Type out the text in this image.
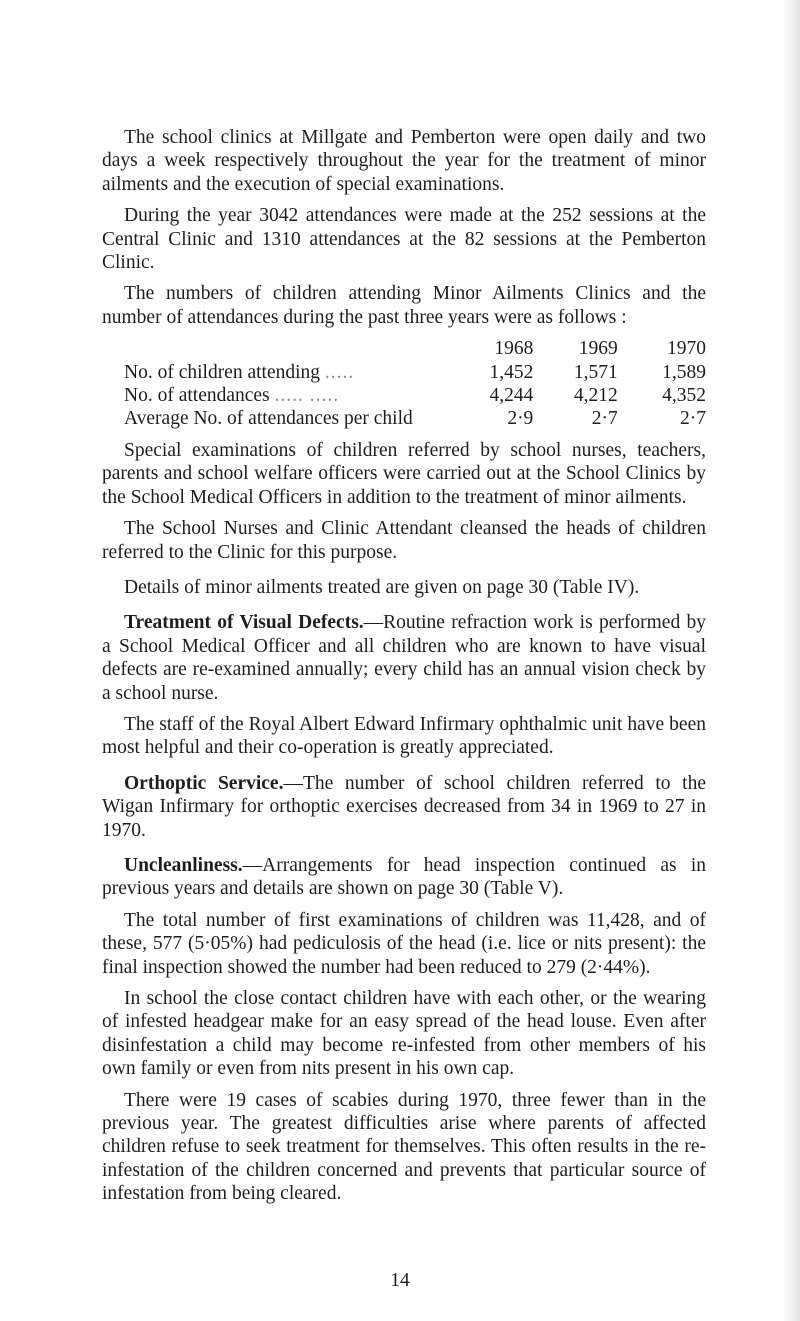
The school clinics at Millgate and Pemberton were open daily and two days a week respectively throughout the year for the treatment of minor ailments and the execution of special examinations.

During the year 3042 attendances were made at the 252 sessions at the Central Clinic and 1310 attendances at the 82 sessions at the Pemberton Clinic.

The numbers of children attending Minor Ailments Clinics and the number of attendances during the past three years were as follows :

	1968	1969	1970
No. of children attending .....	1,452	1,571	1,589
No. of attendances ..... .....	4,244	4,212	4,352
Average No. of attendances per child	2·9	2·7	2·7

Special examinations of children referred by school nurses, teachers, parents and school welfare officers were carried out at the School Clinics by the School Medical Officers in addition to the treatment of minor ailments.

The School Nurses and Clinic Attendant cleansed the heads of children referred to the Clinic for this purpose.

Details of minor ailments treated are given on page 30 (Table IV).

Treatment of Visual Defects.—Routine refraction work is performed by a School Medical Officer and all children who are known to have visual defects are re-examined annually; every child has an annual vision check by a school nurse.

The staff of the Royal Albert Edward Infirmary ophthalmic unit have been most helpful and their co-operation is greatly appreciated.

Orthoptic Service.—The number of school children referred to the Wigan Infirmary for orthoptic exercises decreased from 34 in 1969 to 27 in 1970.

Uncleanliness.—Arrangements for head inspection continued as in previous years and details are shown on page 30 (Table V).

The total number of first examinations of children was 11,428, and of these, 577 (5·05%) had pediculosis of the head (i.e. lice or nits present): the final inspection showed the number had been reduced to 279 (2·44%).

In school the close contact children have with each other, or the wearing of infested headgear make for an easy spread of the head louse. Even after disinfestation a child may become re-infested from other members of his own family or even from nits present in his own cap.

There were 19 cases of scabies during 1970, three fewer than in the previous year. The greatest difficulties arise where parents of affected children refuse to seek treatment for themselves. This often results in the re-infestation of the children concerned and prevents that particular source of infestation from being cleared.

14
